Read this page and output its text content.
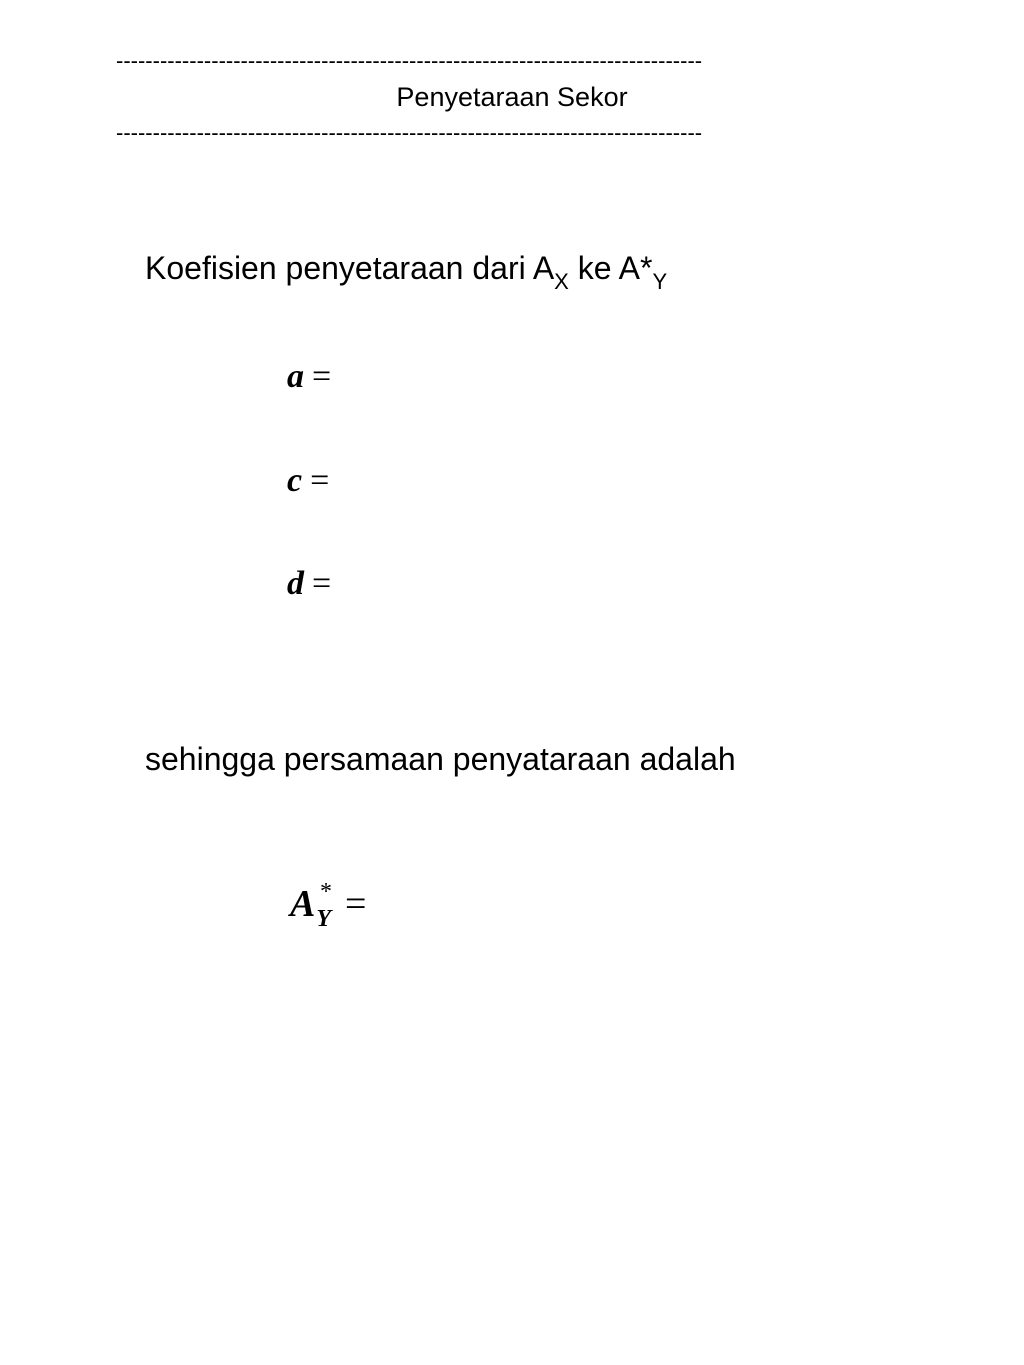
--------------------------------------------------------------------------------
Penyetaraan Sekor
--------------------------------------------------------------------------------
Koefisien penyetaraan dari $A_X$ ke $A*_Y$
a =
c =
d =
sehingga persamaan penyataraan adalah
A *
$_Y$ =
